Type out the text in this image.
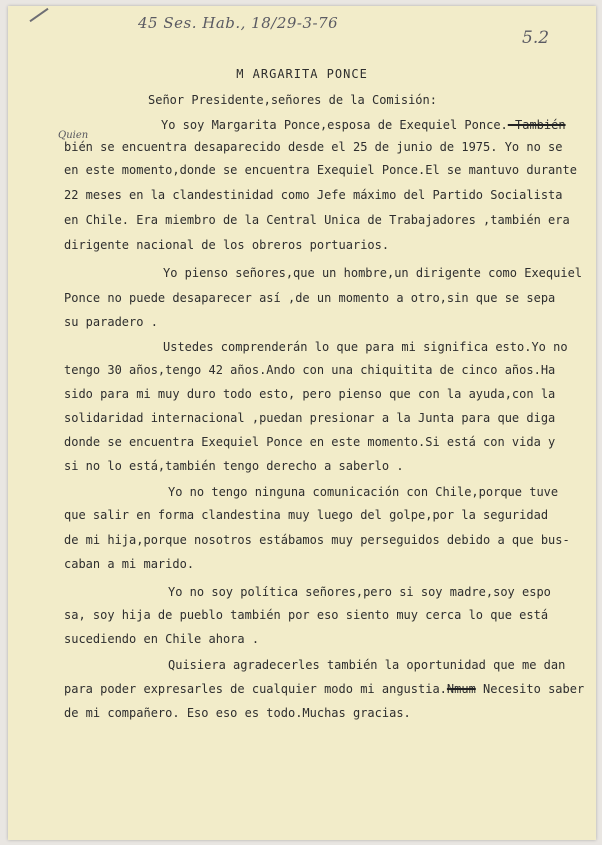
45 Ses. Hab., 18/29-3-76
5.2
M ARGARITA PONCE
Señor Presidente,señores de la Comisión:
Yo soy Margarita Ponce,esposa de Exequiel Ponce. También
Quien
bién se encuentra desaparecido desde el 25 de junio de 1975. Yo no se
en este momento,donde se encuentra Exequiel Ponce.El se mantuvo durante
22 meses en la clandestinidad como Jefe máximo del Partido Socialista
en Chile. Era miembro de la Central Unica de Trabajadores ,también era
dirigente nacional de los obreros portuarios.
Yo pienso señores,que un hombre,un dirigente como Exequiel
Ponce no puede desaparecer así ,de un momento a otro,sin que se sepa
su paradero .
Ustedes comprenderán lo que para mi significa esto.Yo no
tengo 30 años,tengo 42 años.Ando con una chiquitita de cinco años.Ha
sido para mi muy duro todo esto, pero pienso que con la ayuda,con la
solidaridad internacional ,puedan presionar a la Junta para que diga
donde se encuentra Exequiel Ponce en este momento.Si está con vida y
si no lo está,también tengo derecho a saberlo .
Yo no tengo ninguna comunicación con Chile,porque tuve
que salir en forma clandestina muy luego del golpe,por la seguridad
de mi hija,porque nosotros estábamos muy perseguidos debido a que bus-
caban a mi marido.
Yo no soy política señores,pero si soy madre,soy espo
sa, soy hija de pueblo también por eso siento muy cerca lo que está
sucediendo en Chile ahora .
Quisiera agradecerles también la oportunidad que me dan
para poder expresarles de cualquier modo mi angustia.Nmum Necesito saber
de mi compañero. Eso eso es todo.Muchas gracias.
